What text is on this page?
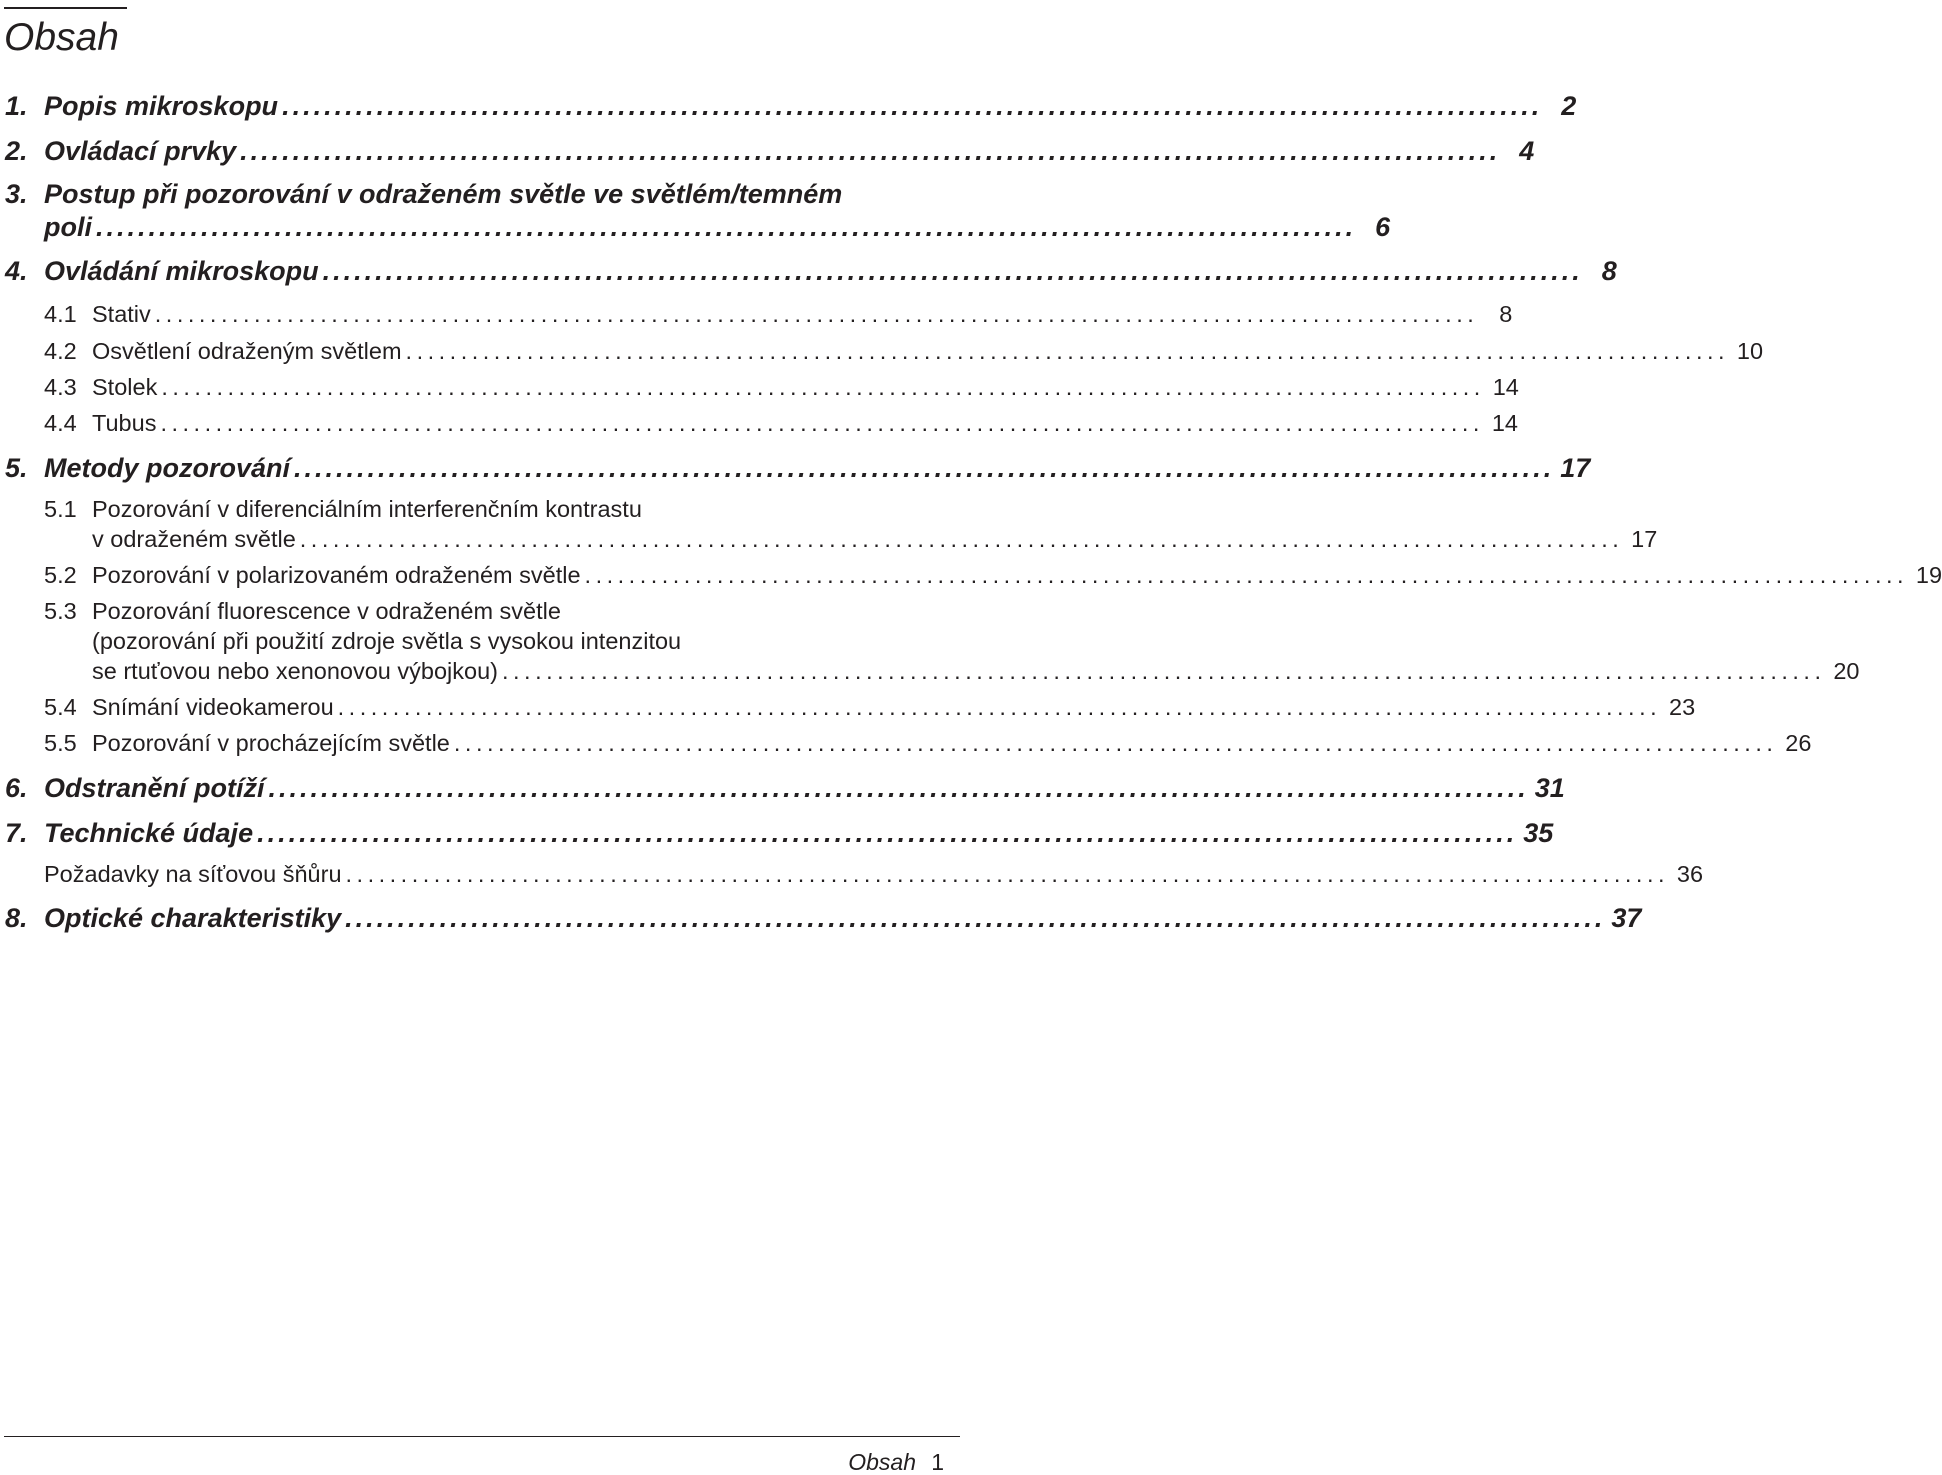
Obsah
1. Popis mikroskopu ........................................................................................................................ 2
2. Ovládací prvky ........................................................................................................................ 4
3. Postup při pozorování v odraženém světle ve světlém/temném
poli ........................................................................................................................ 6
4. Ovládání mikroskopu ........................................................................................................................ 8
4.1 Stativ ........................................................................................................................ 8
4.2 Osvětlení odraženým světlem ........................................................................................................................ 10
4.3 Stolek ........................................................................................................................ 14
4.4 Tubus ........................................................................................................................ 14
5. Metody pozorování ........................................................................................................................ 17
5.1 Pozorování v diferenciálním interferenčním kontrastu
v odraženém světle ........................................................................................................................ 17
5.2 Pozorování v polarizovaném odraženém světle ........................................................................................................................ 19
5.3 Pozorování fluorescence v odraženém světle
(pozorování při použití zdroje světla s vysokou intenzitou
se rtuťovou nebo xenonovou výbojkou) ........................................................................................................................ 20
5.4 Snímání videokamerou ........................................................................................................................ 23
5.5 Pozorování v procházejícím světle ........................................................................................................................ 26
6. Odstranění potíží ........................................................................................................................ 31
7. Technické údaje ........................................................................................................................ 35
Požadavky na síťovou šňůru ........................................................................................................................ 36
8. Optické charakteristiky ........................................................................................................................ 37
Obsah 1
